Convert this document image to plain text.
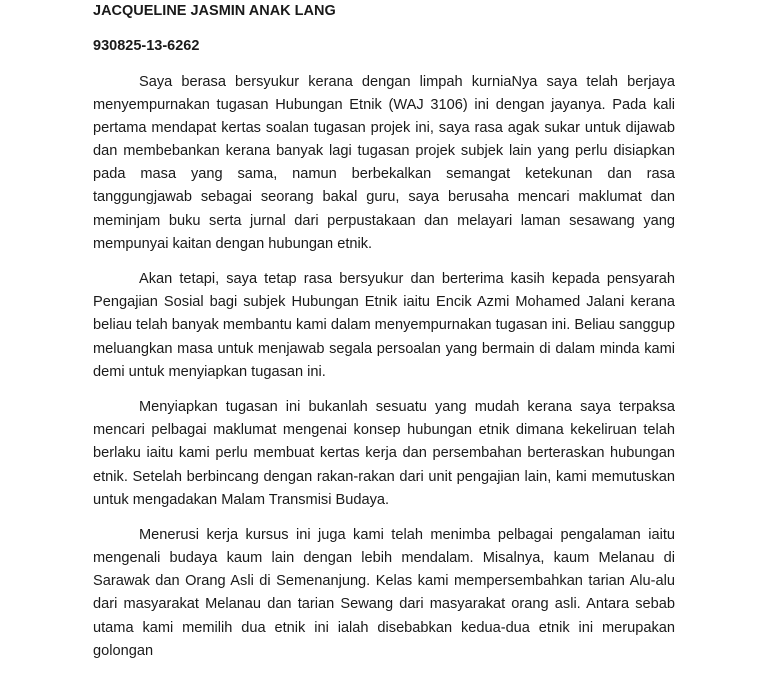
JACQUELINE JASMIN ANAK LANG
930825-13-6262

Saya berasa bersyukur kerana dengan limpah kurniaNya saya telah berjaya menyempurnakan tugasan Hubungan Etnik (WAJ 3106) ini dengan jayanya. Pada kali pertama mendapat kertas soalan tugasan projek ini, saya rasa agak sukar untuk dijawab dan membebankan kerana banyak lagi tugasan projek subjek lain yang perlu disiapkan pada masa yang sama, namun berbekalkan semangat ketekunan dan rasa tanggungjawab sebagai seorang bakal guru, saya berusaha mencari maklumat dan meminjam buku serta jurnal dari perpustakaan dan melayari laman sesawang yang mempunyai kaitan dengan hubungan etnik.

Akan tetapi, saya tetap rasa bersyukur dan berterima kasih kepada pensyarah Pengajian Sosial bagi subjek Hubungan Etnik iaitu Encik Azmi Mohamed Jalani kerana beliau telah banyak membantu kami dalam menyempurnakan tugasan ini. Beliau sanggup meluangkan masa untuk menjawab segala persoalan yang bermain di dalam minda kami demi untuk menyiapkan tugasan ini.

Menyiapkan tugasan ini bukanlah sesuatu yang mudah kerana saya terpaksa mencari pelbagai maklumat mengenai konsep hubungan etnik dimana kekeliruan telah berlaku iaitu kami perlu membuat kertas kerja dan persembahan berteraskan hubungan etnik. Setelah berbincang dengan rakan-rakan dari unit pengajian lain, kami memutuskan untuk mengadakan Malam Transmisi Budaya.

Menerusi kerja kursus ini juga kami telah menimba pelbagai pengalaman iaitu mengenali budaya kaum lain dengan lebih mendalam. Misalnya, kaum Melanau di Sarawak dan Orang Asli di Semenanjung. Kelas kami mempersembahkan tarian Alu-alu dari masyarakat Melanau dan tarian Sewang dari masyarakat orang asli. Antara sebab utama kami memilih dua etnik ini ialah disebabkan kedua-dua etnik ini merupakan golongan
